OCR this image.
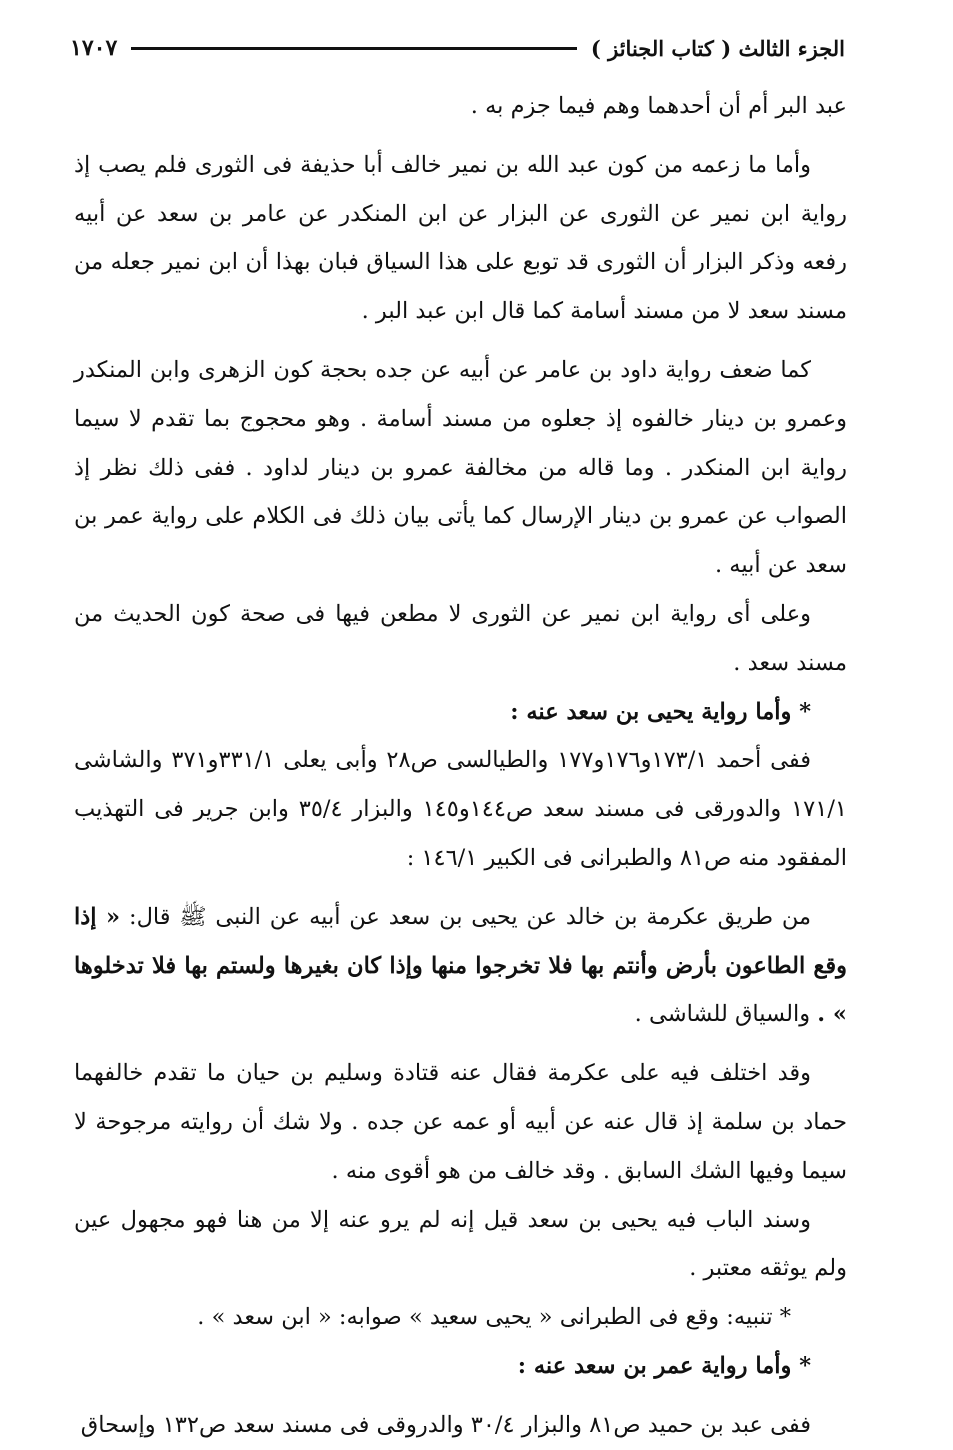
الجزء الثالث ( كتاب الجنائز )
١٧٠٧

عبد البر أم أن أحدهما وهم فيما جزم به .

وأما ما زعمه من كون عبد الله بن نمير خالف أبا حذيفة فى الثورى فلم يصب إذ رواية ابن نمير عن الثورى عن البزار عن ابن المنكدر عن عامر بن سعد عن أبيه رفعه وذكر البزار أن الثورى قد توبع على هذا السياق فبان بهذا أن ابن نمير جعله من مسند سعد لا من مسند أسامة كما قال ابن عبد البر .

كما ضعف رواية داود بن عامر عن أبيه عن جده بحجة كون الزهرى وابن المنكدر وعمرو بن دينار خالفوه إذ جعلوه من مسند أسامة . وهو محجوج بما تقدم لا سيما رواية ابن المنكدر . وما قاله من مخالفة عمرو بن دينار لداود . ففى ذلك نظر إذ الصواب عن عمرو بن دينار الإرسال كما يأتى بيان ذلك فى الكلام على رواية عمر بن سعد عن أبيه .

وعلى أى رواية ابن نمير عن الثورى لا مطعن فيها فى صحة كون الحديث من مسند سعد .

* وأما رواية يحيى بن سعد عنه :

ففى أحمد ١٧٣/١و١٧٦و١٧٧ والطيالسى ص٢٨ وأبى يعلى ٣٣١/١و٣٧١ والشاشى ١٧١/١ والدورقى فى مسند سعد ص١٤٤و١٤٥ والبزار ٣٥/٤ وابن جرير فى التهذيب المفقود منه ص٨١ والطبرانى فى الكبير ١٤٦/١ :

من طريق عكرمة بن خالد عن يحيى بن سعد عن أبيه عن النبى ﷺ قال: « إذا وقع الطاعون بأرض وأنتم بها فلا تخرجوا منها وإذا كان بغيرها ولستم بها فلا تدخلوها » . والسياق للشاشى .

وقد اختلف فيه على عكرمة فقال عنه قتادة وسليم بن حيان ما تقدم خالفهما حماد بن سلمة إذ قال عنه عن أبيه أو عمه عن جده . ولا شك أن روايته مرجوحة لا سيما وفيها الشك السابق . وقد خالف من هو أقوى منه .

وسند الباب فيه يحيى بن سعد قيل إنه لم يرو عنه إلا من هنا فهو مجهول عين ولم يوثقه معتبر .

* تنبيه: وقع فى الطبرانى « يحيى سعيد » صوابه: « ابن سعد » .

* وأما رواية عمر بن سعد عنه :

ففى عبد بن حميد ص٨١ والبزار ٣٠/٤ والدروقى فى مسند سعد ص١٣٢ وإسحاق
